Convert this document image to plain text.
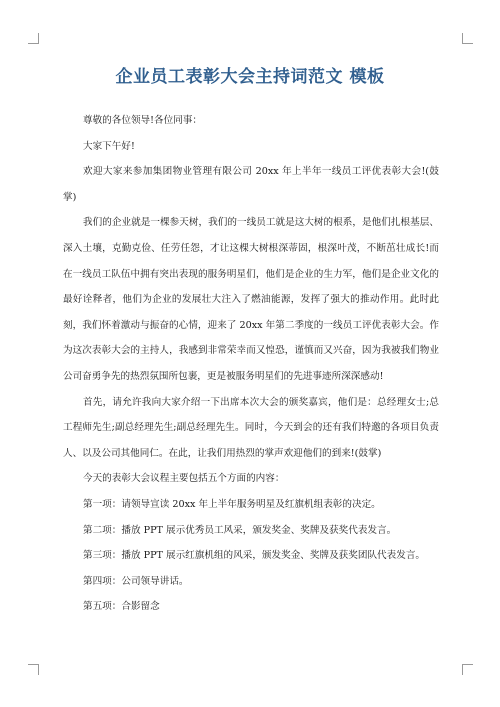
企业员工表彰大会主持词范文 模板

尊敬的各位领导!各位同事：

大家下午好!

欢迎大家来参加集团物业管理有限公司 20xx 年上半年一线员工评优表彰大会!(鼓掌)

我们的企业就是一棵参天树，我们的一线员工就是这大树的根系，是他们扎根基层、深入土壤，克勤克俭、任劳任怨，才让这棵大树根深蒂固，根深叶茂，不断茁壮成长!而在一线员工队伍中拥有突出表现的服务明星们，他们是企业的生力军，他们是企业文化的最好诠释者，他们为企业的发展壮大注入了燃油能源，发挥了强大的推动作用。此时此刻，我们怀着激动与振奋的心情，迎来了 20xx 年第二季度的一线员工评优表彰大会。作为这次表彰大会的主持人，我感到非常荣幸而又惶恐，谨慎而又兴奋，因为我被我们物业公司奋勇争先的热烈氛围所包裹，更是被服务明星们的先进事迹所深深感动!

首先，请允许我向大家介绍一下出席本次大会的颁奖嘉宾，他们是：总经理女士;总工程师先生;副总经理先生;副总经理先生。同时，今天到会的还有我们特邀的各项目负责人、以及公司其他同仁。在此，让我们用热烈的掌声欢迎他们的到来!(鼓掌)

今天的表彰大会议程主要包括五个方面的内容：

第一项：请领导宣读 20xx 年上半年服务明星及红旗机组表彰的决定。

第二项：播放 PPT 展示优秀员工风采，颁发奖金、奖牌及获奖代表发言。

第三项：播放 PPT 展示红旗机组的风采，颁发奖金、奖牌及获奖团队代表发言。

第四项：公司领导讲话。

第五项：合影留念
